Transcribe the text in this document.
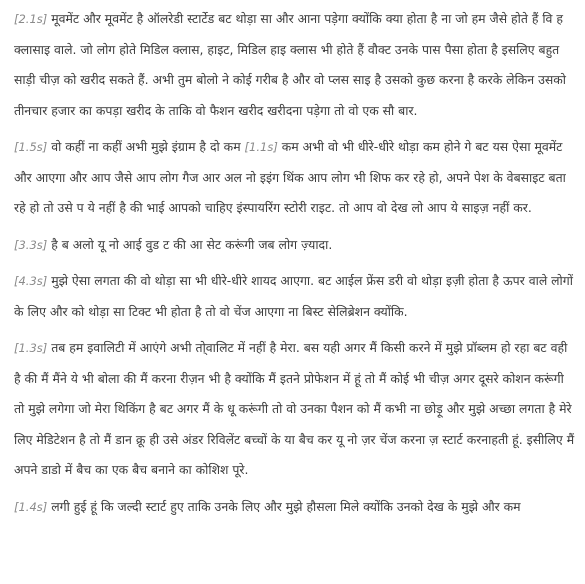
[2.1s] मूवमेंट और मूवमेंट है ऑलरेडी स्टार्टेड बट थोड़ा सा और आना पड़ेगा क्योंकि क्या होता है ना जो हम जैसे होते हैं वि ह क्लासाइ वाले. जो लोग होते मिडिल क्लास, हाइट, मिडिल हाइ क्लास भी होते हैं वौक्ट उनके पास पैसा होता है इसलिए बहुत साड़ी चीज़ को खरीद सकते हैं. अभी तुम बोलो ने कोई गरीब है और वो प्लस साइ है उसको कुछ करना है करके लेकिन उसको तीनचार हजार का कपड़ा खरीद के ताकि वो फैशन खरीद खरीदना पड़ेगा तो वो एक सौ बार.

[1.5s] वो कहीं ना कहीं अभी मुझे इंग्राम है दो कम [1.1s] कम अभी वो भी धीरे-धीरे थोड़ा कम होने गे बट यस ऐसा मूवमेंट और आएगा और आप जैसे आप लोग गैज आर अल नो इइंग थिंक आप लोग भी शिफ कर रहे हो, अपने पेश के वेबसाइट बता रहे हो तो उसे प ये नहीं है की भाई आपको चाहिए इंस्पायरिंग स्टोरी राइट. तो आप वो देख लो आप ये साइज़ नहीं कर.

[3.3s] है ब अलो यू नो आई वुड ट की आ सेट करूंगी जब लोग ज़्यादा.

[4.3s] मुझे ऐसा लगता की वो थोड़ा सा भी धीरे-धीरे शायद आएगा. बट आईल फ्रेंस डरी वो थोड़ा इज़ी होता है ऊपर वाले लोगों के लिए और को थोड़ा सा टिक्ट भी होता है तो वो चेंज आएगा ना बिस्ट सेलिब्रेशन क्योंकि.

[1.3s] तब हम इवालिटी में आएंगे अभी तो्वालिट में नहीं है मेरा. बस यही अगर मैं किसी करने में मुझे प्रॉब्लम हो रहा बट वही है की मैं मैंने ये भी बोला की मैं करना रीज़न भी है क्योंकि मैं इतने प्रोफेशन में हूं तो मैं कोई भी चीज़ अगर दूसरे कोशन करूंगी तो मुझे लगेगा जो मेरा थिकिंग है बट अगर मैं के धू करूंगी तो वो उनका पैशन को मैं कभी ना छोड़ू और मुझे अच्छा लगता है मेरे लिए मेडिटेशन है तो मैं डान क्रू ही उसे अंडर रिविलेंट बच्चों के या बैच कर यू नो ज़र चेंज करना ज़ स्टार्ट करनाहती हूं. इसीलिए मैं अपने डाडो में बैच का एक बैच बनाने का कोशिश पूरे.

[1.4s] लगी हुई हूं कि जल्दी स्टार्ट हुए ताकि उनके लिए और मुझे हौसला मिले क्योंकि उनको देख के मुझे और कम
